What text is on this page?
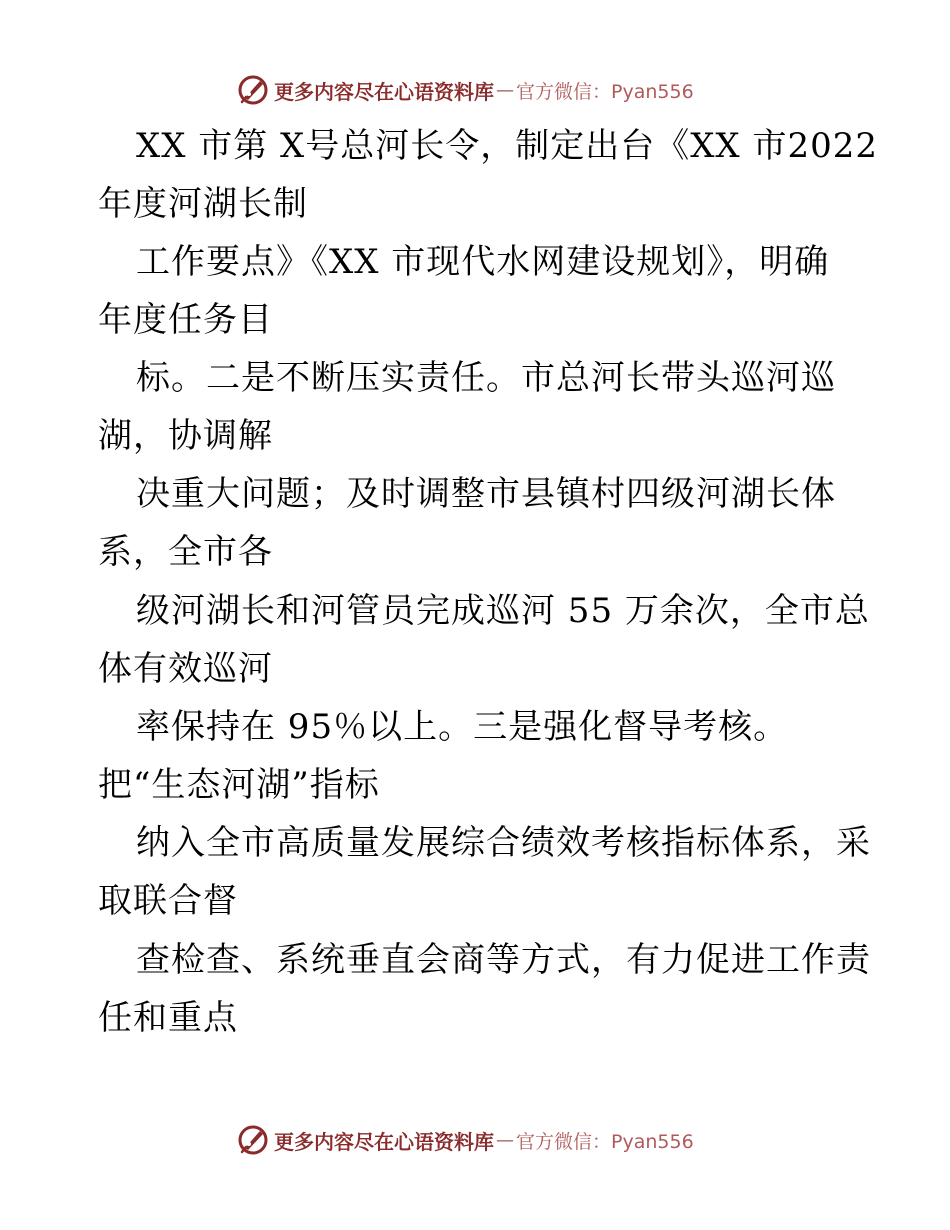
更多内容尽在心语资料库 — 官方微信：Pyan556
XX 市第 X号总河长令，制定出台《XX 市2022
年度河湖长制
工作要点》《XX 市现代水网建设规划》，明确
年度任务目
标。二是不断压实责任。市总河长带头巡河巡
湖，协调解
决重大问题；及时调整市县镇村四级河湖长体
系，全市各
级河湖长和河管员完成巡河 55 万余次，全市总
体有效巡河
率保持在 95％以上。三是强化督导考核。
把“生态河湖”指标
纳入全市高质量发展综合绩效考核指标体系，采
取联合督
查检查、系统垂直会商等方式，有力促进工作责
任和重点
更多内容尽在心语资料库 — 官方微信：Pyan556
